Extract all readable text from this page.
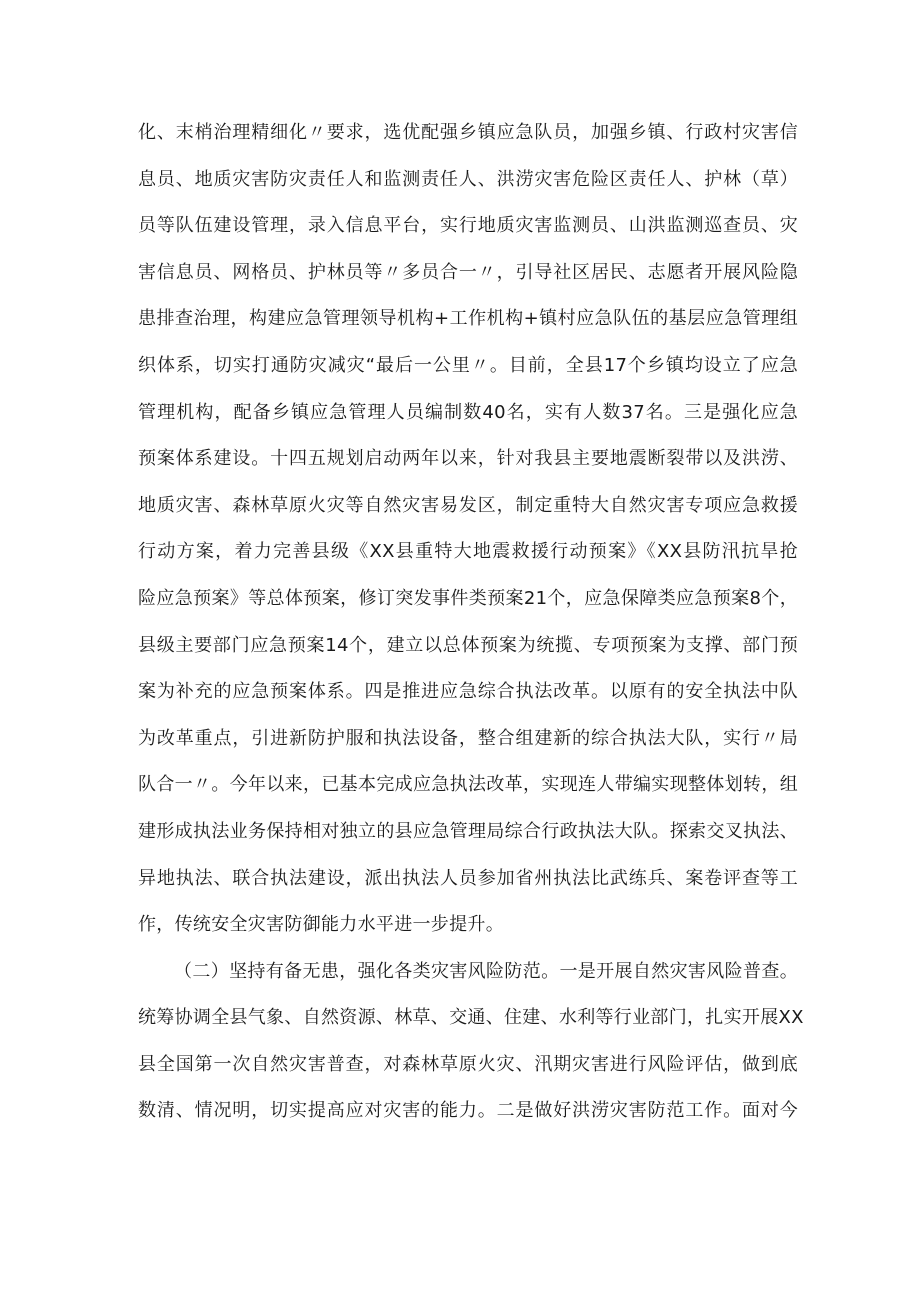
化、末梢治理精细化〃要求，选优配强乡镇应急队员，加强乡镇、行政村灾害信
息员、地质灾害防灾责任人和监测责任人、洪涝灾害危险区责任人、护林（草）
员等队伍建设管理，录入信息平台，实行地质灾害监测员、山洪监测巡查员、灾
害信息员、网格员、护林员等〃多员合一〃，引导社区居民、志愿者开展风险隐
患排查治理，构建应急管理领导机构+工作机构+镇村应急队伍的基层应急管理组
织体系，切实打通防灾减灾“最后一公里〃。目前，全县17个乡镇均设立了应急
管理机构，配备乡镇应急管理人员编制数40名，实有人数37名。三是强化应急
预案体系建设。十四五规划启动两年以来，针对我县主要地震断裂带以及洪涝、
地质灾害、森林草原火灾等自然灾害易发区，制定重特大自然灾害专项应急救援
行动方案，着力完善县级《XX县重特大地震救援行动预案》《XX县防汛抗旱抢
险应急预案》等总体预案，修订突发事件类预案21个，应急保障类应急预案8个，
县级主要部门应急预案14个，建立以总体预案为统揽、专项预案为支撑、部门预
案为补充的应急预案体系。四是推进应急综合执法改革。以原有的安全执法中队
为改革重点，引进新防护服和执法设备，整合组建新的综合执法大队，实行〃局
队合一〃。今年以来，已基本完成应急执法改革，实现连人带编实现整体划转，组
建形成执法业务保持相对独立的县应急管理局综合行政执法大队。探索交叉执法、
异地执法、联合执法建设，派出执法人员参加省州执法比武练兵、案卷评查等工
作，传统安全灾害防御能力水平进一步提升。
（二）坚持有备无患，强化各类灾害风险防范。一是开展自然灾害风险普查。
统筹协调全县气象、自然资源、林草、交通、住建、水利等行业部门，扎实开展XX
县全国第一次自然灾害普查，对森林草原火灾、汛期灾害进行风险评估，做到底
数清、情况明，切实提高应对灾害的能力。二是做好洪涝灾害防范工作。面对今
